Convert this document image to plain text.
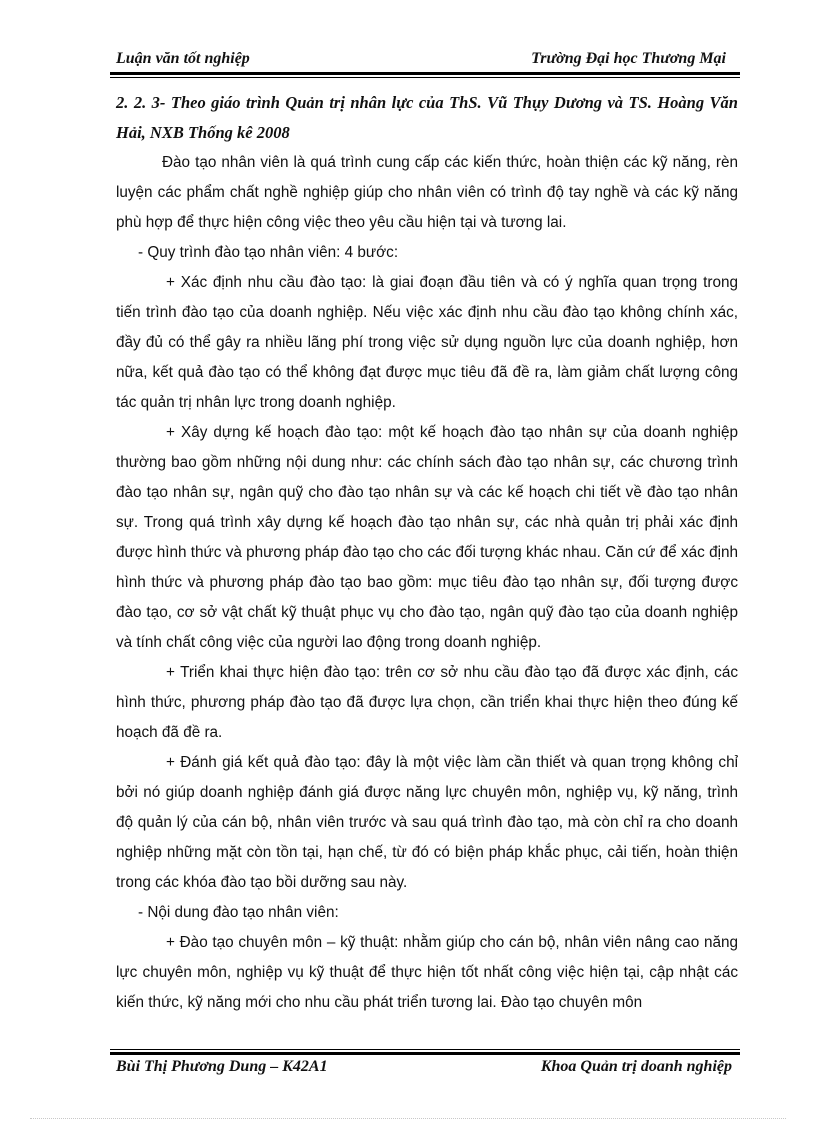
Luận văn tốt nghiệp	Trường Đại học Thương Mại
2. 2. 3- Theo giáo trình Quản trị nhân lực của ThS. Vũ Thụy Dương và TS. Hoàng Văn Hải, NXB Thống kê 2008

Đào tạo nhân viên là quá trình cung cấp các kiến thức, hoàn thiện các kỹ năng, rèn luyện các phẩm chất nghề nghiệp giúp cho nhân viên có trình độ tay nghề và các kỹ năng phù hợp để thực hiện công việc theo yêu cầu hiện tại và tương lai.

- Quy trình đào tạo nhân viên: 4 bước:

+ Xác định nhu cầu đào tạo: là giai đoạn đầu tiên và có ý nghĩa quan trọng trong tiến trình đào tạo của doanh nghiệp. Nếu việc xác định nhu cầu đào tạo không chính xác, đầy đủ có thể gây ra nhiều lãng phí trong việc sử dụng nguồn lực của doanh nghiệp, hơn nữa, kết quả đào tạo có thể không đạt được mục tiêu đã đề ra, làm giảm chất lượng công tác quản trị nhân lực trong doanh nghiệp.

+ Xây dựng kế hoạch đào tạo: một kế hoạch đào tạo nhân sự của doanh nghiệp thường bao gồm những nội dung như: các chính sách đào tạo nhân sự, các chương trình đào tạo nhân sự, ngân quỹ cho đào tạo nhân sự và các kế hoạch chi tiết về đào tạo nhân sự. Trong quá trình xây dựng kế hoạch đào tạo nhân sự, các nhà quản trị phải xác định được hình thức và phương pháp đào tạo cho các đối tượng khác nhau. Căn cứ để xác định hình thức và phương pháp đào tạo bao gồm: mục tiêu đào tạo nhân sự, đối tượng được đào tạo, cơ sở vật chất kỹ thuật phục vụ cho đào tạo, ngân quỹ đào tạo của doanh nghiệp và tính chất công việc của người lao động trong doanh nghiệp.

+ Triển khai thực hiện đào tạo: trên cơ sở nhu cầu đào tạo đã được xác định, các hình thức, phương pháp đào tạo đã được lựa chọn, cần triển khai thực hiện theo đúng kế hoạch đã đề ra.

+ Đánh giá kết quả đào tạo: đây là một việc làm cần thiết và quan trọng không chỉ bởi nó giúp doanh nghiệp đánh giá được năng lực chuyên môn, nghiệp vụ, kỹ năng, trình độ quản lý của cán bộ, nhân viên trước và sau quá trình đào tạo, mà còn chỉ ra cho doanh nghiệp những mặt còn tồn tại, hạn chế, từ đó có biện pháp khắc phục, cải tiến, hoàn thiện trong các khóa đào tạo bồi dưỡng sau này.

- Nội dung đào tạo nhân viên:

+ Đào tạo chuyên môn – kỹ thuật: nhằm giúp cho cán bộ, nhân viên nâng cao năng lực chuyên môn, nghiệp vụ kỹ thuật để thực hiện tốt nhất công việc hiện tại, cập nhật các kiến thức, kỹ năng mới cho nhu cầu phát triển tương lai. Đào tạo chuyên môn

Bùi Thị Phương Dung – K42A1	Khoa Quản trị doanh nghiệp
